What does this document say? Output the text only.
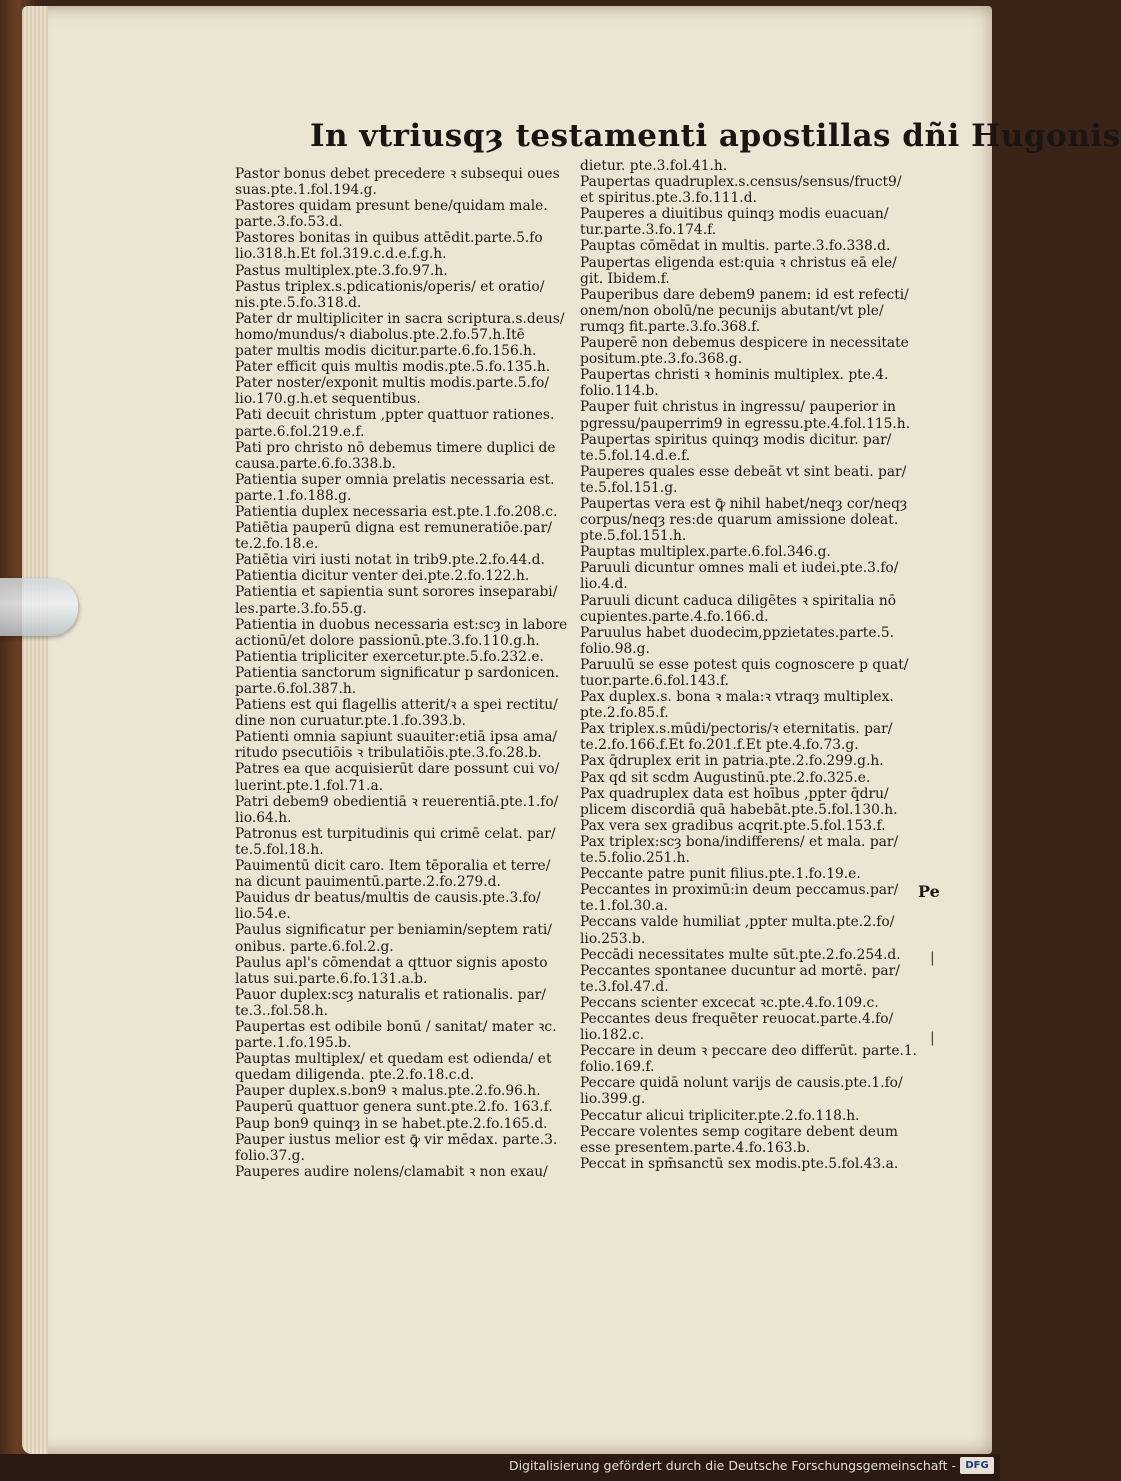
In vtriusqȝ testamenti apostillas dñi Hugonis
Pastor bonus debet precedere ꝛ subsequi oues
suas.pte.1.fol.194.g.
Pastores quidam presunt bene/quidam male.
parte.3.fo.53.d.
Pastores bonitas in quibus attēdit.parte.5.fo
lio.318.h.Et fol.319.c.d.e.f.g.h.
Pastus multiplex.pte.3.fo.97.h.
Pastus triplex.s.pdicationis/operis/ et oratio/
nis.pte.5.fo.318.d.
Pater dr multipliciter in sacra scriptura.s.deus/
homo/mundus/ꝛ diabolus.pte.2.fo.57.h.Itē
pater multis modis dicitur.parte.6.fo.156.h.
Pater efficit quis multis modis.pte.5.fo.135.h.
Pater noster/exponit multis modis.parte.5.fo/
lio.170.g.h.et sequentibus.
Pati decuit christum ,ppter quattuor rationes.
parte.6.fol.219.e.f.
Pati pro christo nō debemus timere duplici de
causa.parte.6.fo.338.b.
Patientia super omnia prelatis necessaria est.
parte.1.fo.188.g.
Patientia duplex necessaria est.pte.1.fo.208.c.
Patiētia pauperū digna est remuneratiōe.par/
te.2.fo.18.e.
Patiētia viri iusti notat in trib9.pte.2.fo.44.d.
Patientia dicitur venter dei.pte.2.fo.122.h.
Patientia et sapientia sunt sorores inseparabi/
les.parte.3.fo.55.g.
Patientia in duobus necessaria est:scȝ in labore
actionū/et dolore passionū.pte.3.fo.110.g.h.
Patientia tripliciter exercetur.pte.5.fo.232.e.
Patientia sanctorum significatur p sardonicen.
parte.6.fol.387.h.
Patiens est qui flagellis atterit/ꝛ a spei rectitu/
dine non curuatur.pte.1.fo.393.b.
Patienti omnia sapiunt suauiter:etiā ipsa ama/
ritudo psecutiōis ꝛ tribulatiōis.pte.3.fo.28.b.
Patres ea que acquisierūt dare possunt cui vo/
luerint.pte.1.fol.71.a.
Patri debem9 obedientiā ꝛ reuerentiā.pte.1.fo/
lio.64.h.
Patronus est turpitudinis qui crimē celat. par/
te.5.fol.18.h.
Pauimentū dicit caro. Item tēporalia et terre/
na dicunt pauimentū.parte.2.fo.279.d.
Pauidus dr beatus/multis de causis.pte.3.fo/
lio.54.e.
Paulus significatur per beniamin/septem rati/
onibus. parte.6.fol.2.g.
Paulus apl's cōmendat a qttuor signis aposto
latus sui.parte.6.fo.131.a.b.
Pauor duplex:scȝ naturalis et rationalis. par/
te.3..fol.58.h.
Paupertas est odibile bonū / sanitat/ mater ꝛc.
parte.1.fo.195.b.
Pauptas multiplex/ et quedam est odienda/ et
quedam diligenda. pte.2.fo.18.c.d.
Pauper duplex.s.bon9 ꝛ malus.pte.2.fo.96.h.
Pauperū quattuor genera sunt.pte.2.fo. 163.f.
Paup bon9 quinqȝ in se habet.pte.2.fo.165.d.
Pauper iustus melior est ꝙ̄ vir mēdax. parte.3.
folio.37.g.
Pauperes audire nolens/clamabit ꝛ non exau/
dietur. pte.3.fol.41.h.
Paupertas quadruplex.s.census/sensus/fruct9/
et spiritus.pte.3.fo.111.d.
Pauperes a diuitibus quinqȝ modis euacuan/
tur.parte.3.fo.174.f.
Pauptas cōmēdat in multis. parte.3.fo.338.d.
Paupertas eligenda est:quia ꝛ christus eā ele/
git. Ibidem.f.
Pauperibus dare debem9 panem: id est refecti/
onem/non obolū/ne pecunijs abutant/vt ple/
rumqȝ fit.parte.3.fo.368.f.
Pauperē non debemus despicere in necessitate
positum.pte.3.fo.368.g.
Paupertas christi ꝛ hominis multiplex. pte.4.
folio.114.b.
Pauper fuit christus in ingressu/ pauperior in
pgressu/pauperrim9 in egressu.pte.4.fol.115.h.
Paupertas spiritus quinqȝ modis dicitur. par/
te.5.fol.14.d.e.f.
Pauperes quales esse debeāt vt sint beati. par/
te.5.fol.151.g.
Paupertas vera est ꝙ̄ nihil habet/neqȝ cor/neqȝ
corpus/neqȝ res:de quarum amissione doleat.
pte.5.fol.151.h.
Pauptas multiplex.parte.6.fol.346.g.
Paruuli dicuntur omnes mali et iudei.pte.3.fo/
lio.4.d.
Paruuli dicunt caduca diligētes ꝛ spiritalia nō
cupientes.parte.4.fo.166.d.
Paruulus habet duodecim,ppzietates.parte.5.
folio.98.g.
Paruulū se esse potest quis cognoscere p quat/
tuor.parte.6.fol.143.f.
Pax duplex.s. bona ꝛ mala:ꝛ vtraqȝ multiplex.
pte.2.fo.85.f.
Pax triplex.s.mūdi/pectoris/ꝛ eternitatis. par/
te.2.fo.166.f.Et fo.201.f.Et pte.4.fo.73.g.
Pax q̄druplex erit in patria.pte.2.fo.299.g.h.
Pax qd sit scdm Augustinū.pte.2.fo.325.e.
Pax quadruplex data est hoībus ,ppter q̄dru/
plicem discordiā quā habebāt.pte.5.fol.130.h.
Pax vera sex gradibus acqrit.pte.5.fol.153.f.
Pax triplex:scȝ bona/indifferens/ et mala. par/
te.5.folio.251.h.
Peccante patre punit filius.pte.1.fo.19.e.
Peccantes in proximū:in deum peccamus.par/
te.1.fol.30.a.
Peccans valde humiliat ,ppter multa.pte.2.fo/
lio.253.b.
Peccādi necessitates multe sūt.pte.2.fo.254.d.
Peccantes spontanee ducuntur ad mortē. par/
te.3.fol.47.d.
Peccans scienter excecat ꝛc.pte.4.fo.109.c.
Peccantes deus frequēter reuocat.parte.4.fo/
lio.182.c.
Peccare in deum ꝛ peccare deo differūt. parte.1.
folio.169.f.
Peccare quidā nolunt varijs de causis.pte.1.fo/
lio.399.g.
Peccatur alicui tripliciter.pte.2.fo.118.h.
Peccare volentes semp cogitare debent deum
esse presentem.parte.4.fo.163.b.
Peccat in spm̄sanctū sex modis.pte.5.fol.43.a.
Pe
|
|
Digitalisierung gefördert durch die Deutsche Forschungsgemeinschaft - DFG
